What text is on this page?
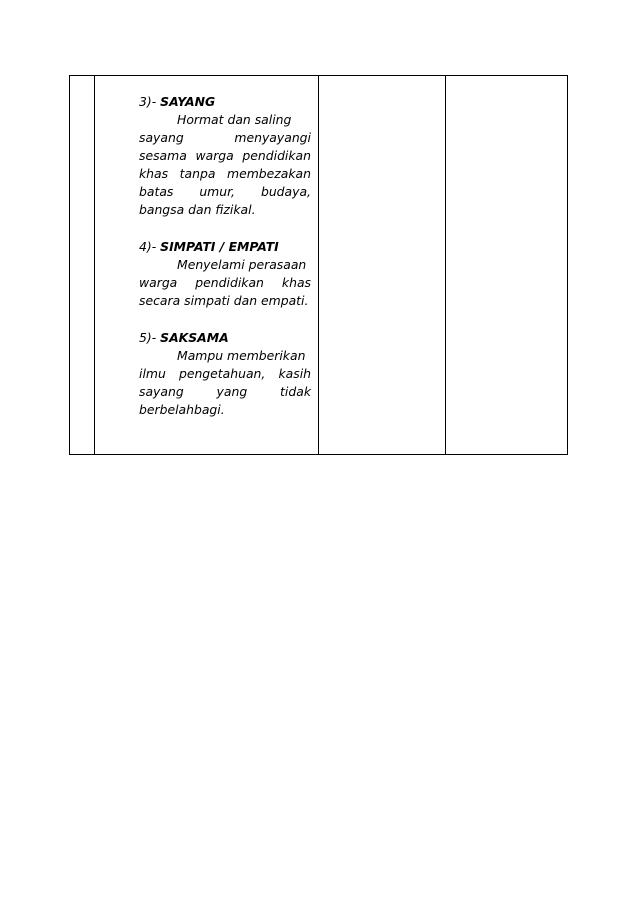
3)- SAYANG

Hormat dan saling

sayang menyayangi sesama warga pendidikan khas tanpa membezakan batas umur, budaya, bangsa dan fizikal.

4)- SIMPATI / EMPATI

Menyelami perasaan

warga pendidikan khas secara simpati dan empati.

5)- SAKSAMA

Mampu memberikan

ilmu pengetahuan, kasih sayang yang tidak berbelahbagi.
